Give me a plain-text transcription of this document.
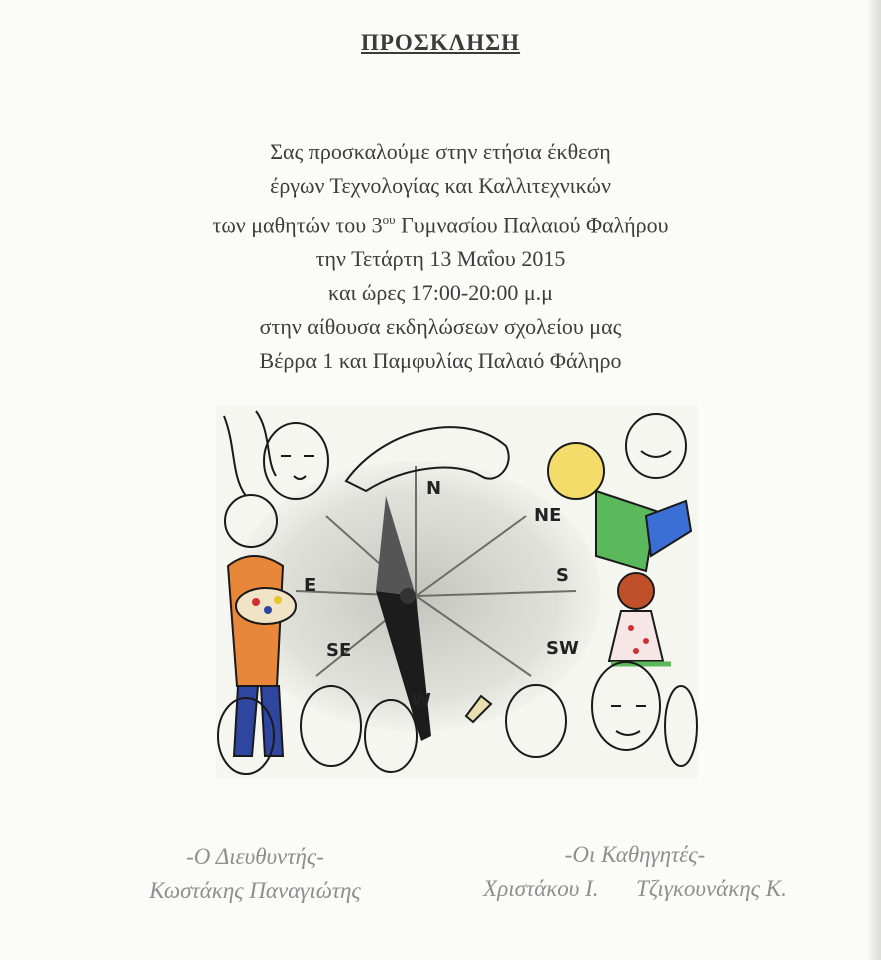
ΠΡΟΣΚΛΗΣΗ
Σας προσκαλούμε στην ετήσια έκθεση
έργων Τεχνολογίας και Καλλιτεχνικών
των μαθητών του $3^{o\upsilon}$ Γυμνασίου Παλαιού Φαλήρου
την Τετάρτη 13 Μαΐου 2015
και ώρες 17:00-20:00 μ.μ
στην αίθουσα εκδηλώσεων σχολείου μας
Βέρρα 1 και Παμφυλίας Παλαιό Φάληρο
N
NE
S
SW
E
SE
W
-Ο Διευθυντής-
Κωστάκης Παναγιώτης
-Οι Καθηγητές-
Χριστάκου Ι. Τζιγκουνάκης Κ.
